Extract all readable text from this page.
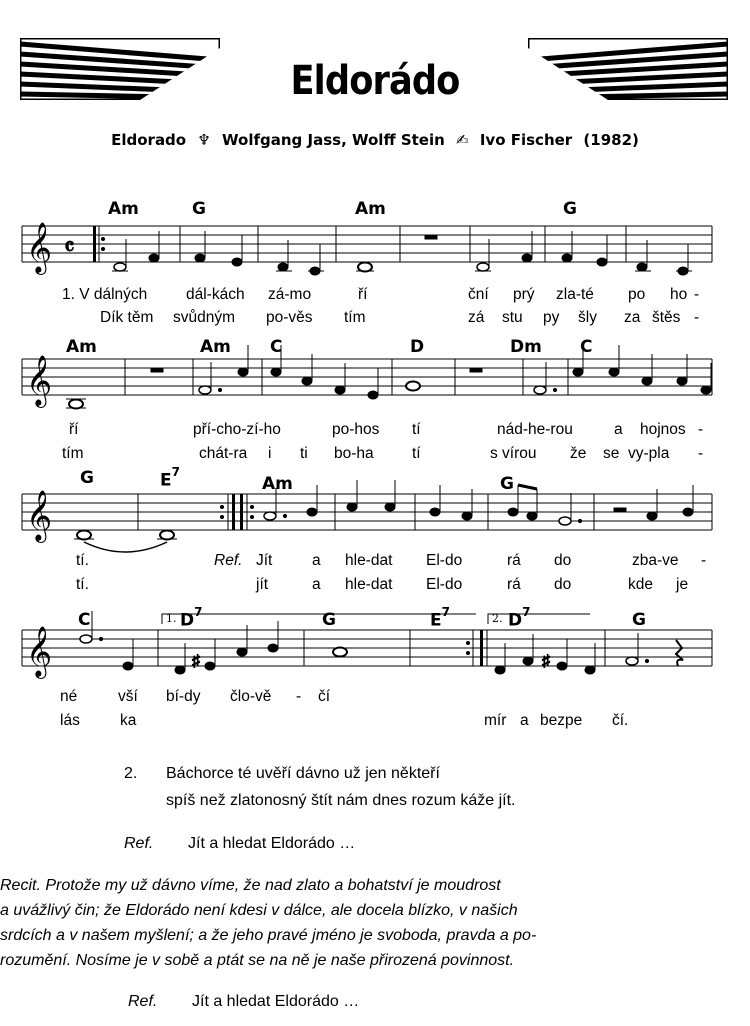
Eldorádo
Eldorado ♆ Wolfgang Jass, Wolff Stein ✍ Ivo Fischer (1982)
𝄞 𝄴
Am	G	Am	G
1. V dálných dál-kách zá-mo	ří	ční prý zla-té po ho -
Dík těm svůdným po-věs tím	zá stu py šly za štěs -
𝄞
Am	Am C	D	Dm C
ří	pří-cho-zí-ho	po-hos tí	nád-he-rou	a hojnos -
tím	chát-ra i ti bo-ha tí	s vírou že se vy-pla -
𝄞
G	$E^7$
Am	G
tí.	Ref. Jít	a hle-dat El-do	rá do	zba-ve -
tí.	jít	a hle-dat El-do	rá do	kde je
𝄞	♯	♯
C	1. $D^7$	G	$E^7$	2. $D^7$	G
né	vší bí-dy člo-vě - čí
lás	ka	mír a bezpe čí.
2. Báchorce té uvěří dávno už jen někteří
spíš než zlatonosný štít nám dnes rozum káže jít.
Ref. Jít a hledat Eldorádo …
Recit. Protože my už dávno víme, že nad zlato a bohatství je moudrost
a uvážlivý čin; že Eldorádo není kdesi v dálce, ale docela blízko, v našich
srdcích a v našem myšlení; a že jeho pravé jméno je svoboda, pravda a po-
rozumění. Nosíme je v sobě a ptát se na ně je naše přirozená povinnost.
Ref. Jít a hledat Eldorádo …
